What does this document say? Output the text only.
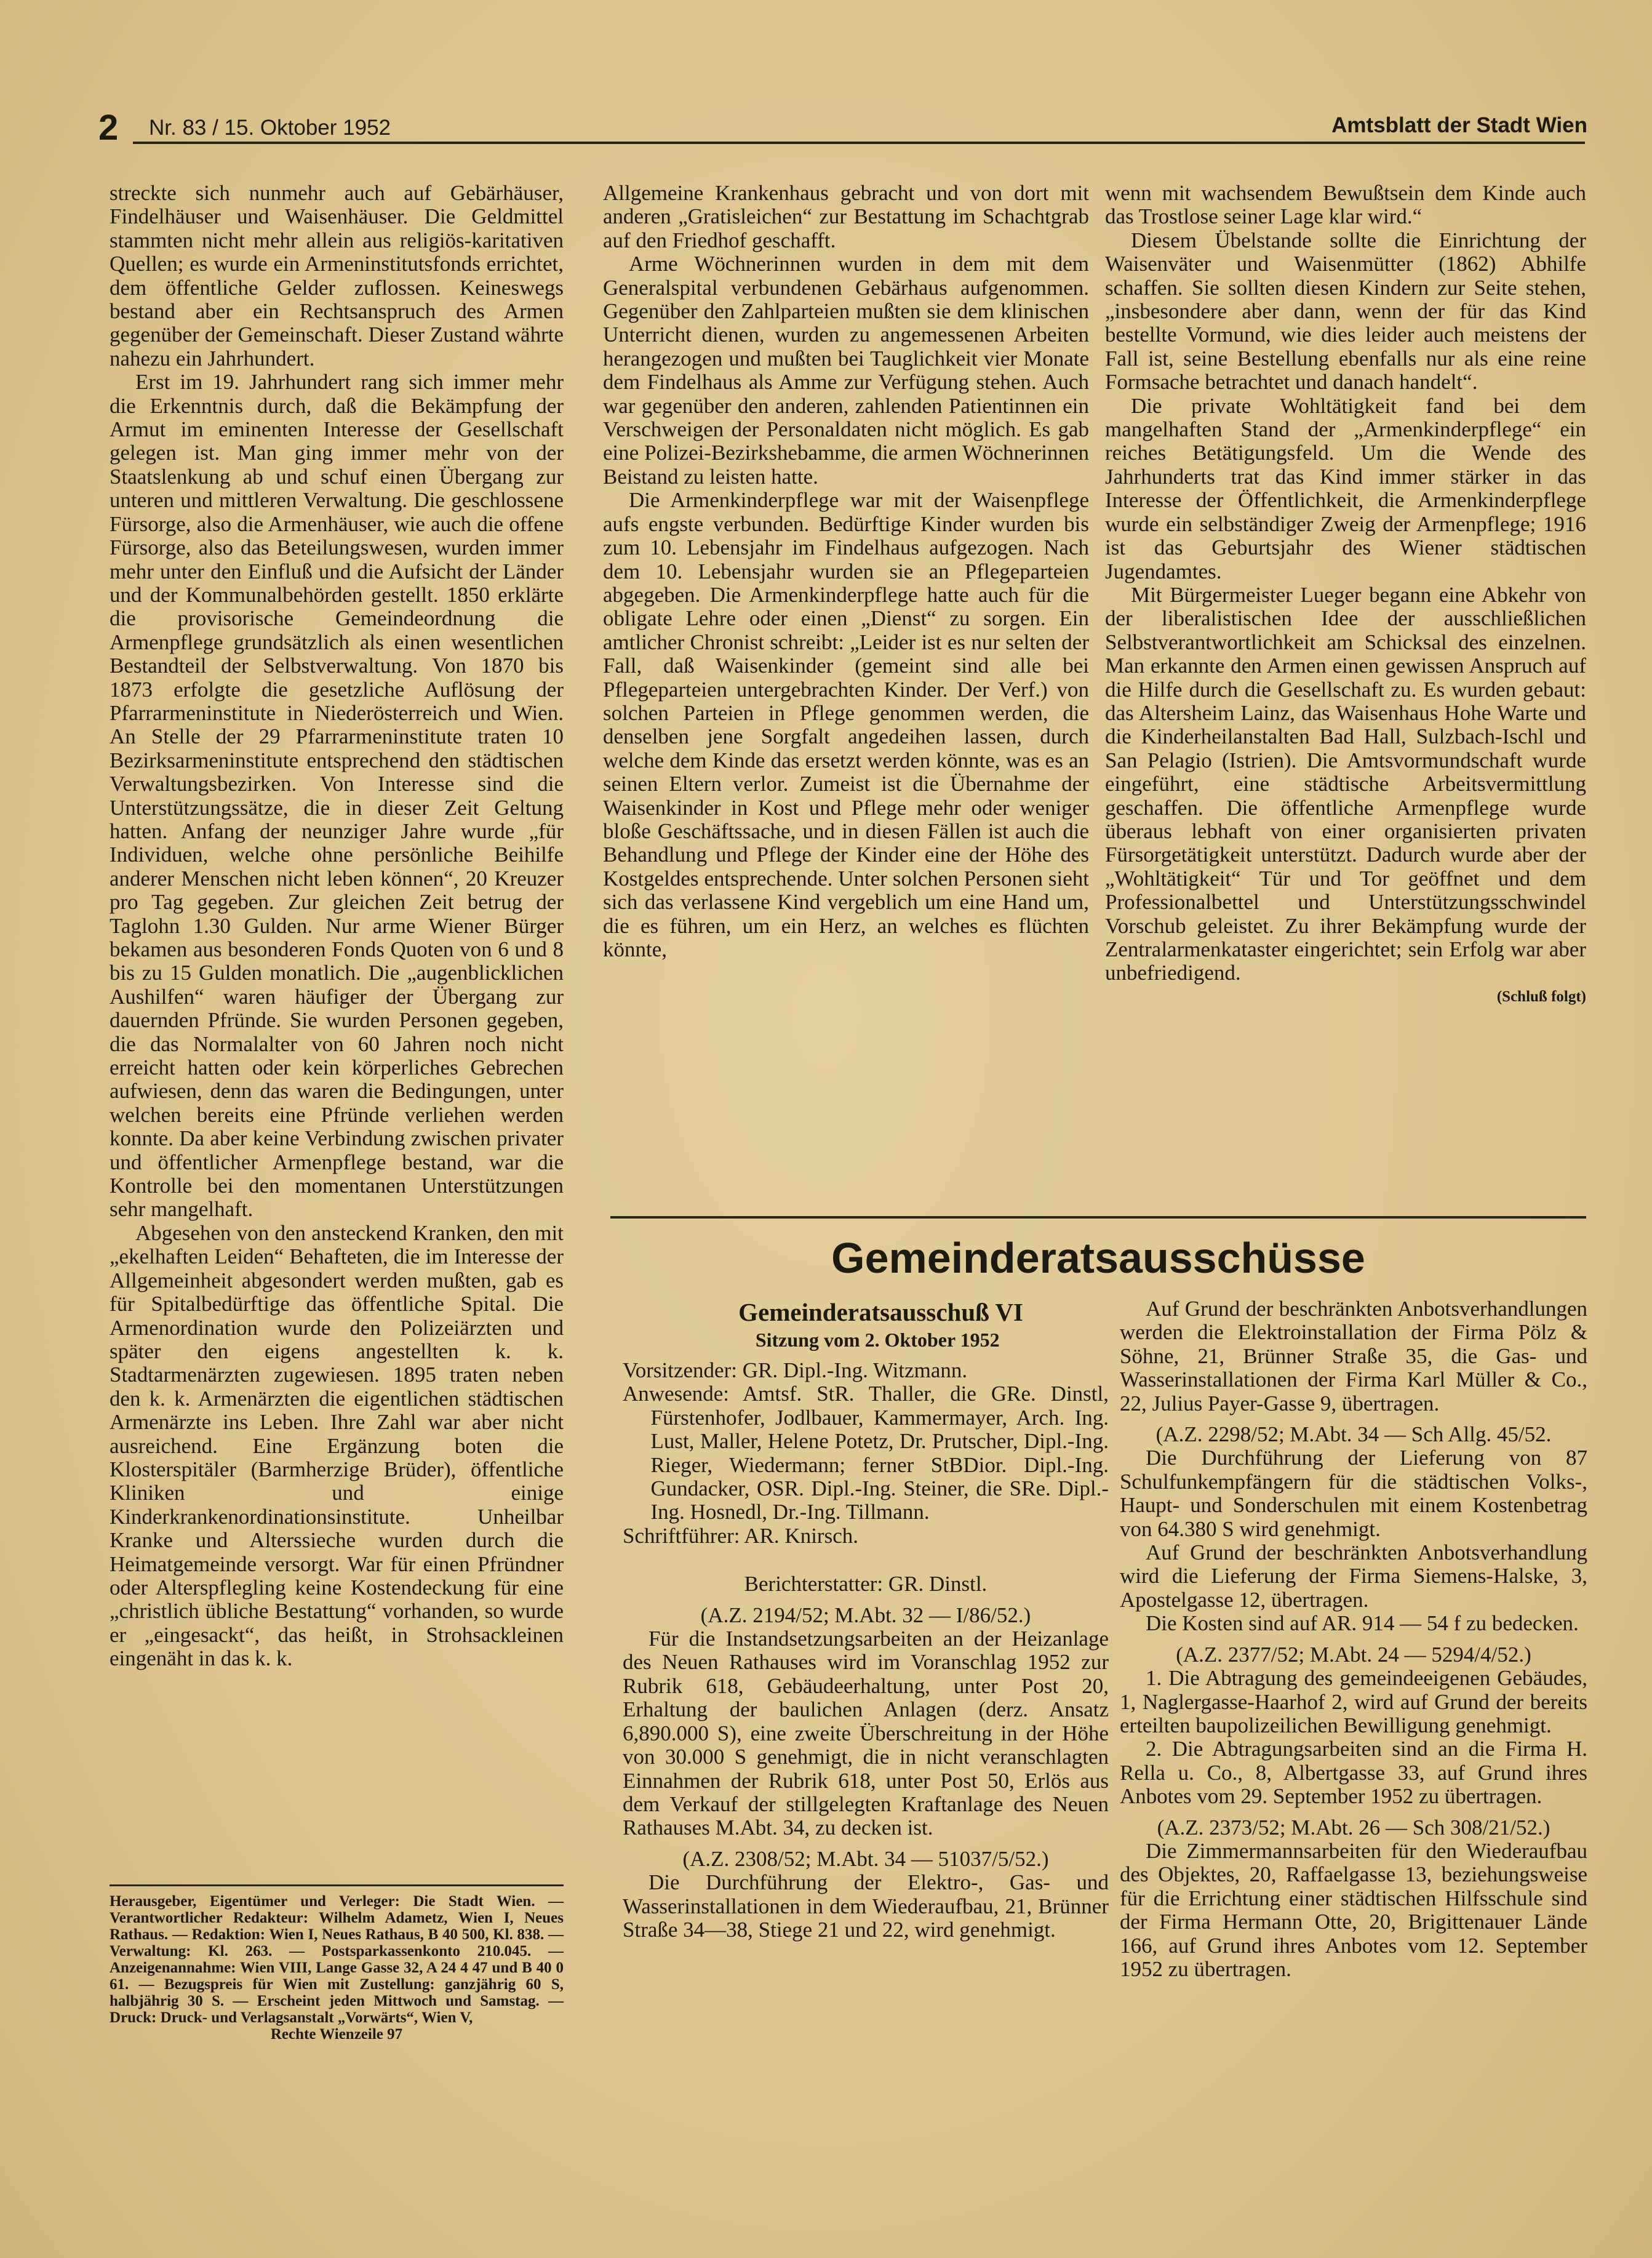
2 Nr. 83 / 15. Oktober 1952	Amtsblatt der Stadt Wien

streckte sich nunmehr auch auf Gebärhäuser, Findelhäuser und Waisenhäuser. Die Geldmittel stammten nicht mehr allein aus religiös-karitativen Quellen; es wurde ein Armeninstitutsfonds errichtet, dem öffentliche Gelder zuflossen. Keineswegs bestand aber ein Rechtsanspruch des Armen gegenüber der Gemeinschaft. Dieser Zustand währte nahezu ein Jahrhundert.

Erst im 19. Jahrhundert rang sich immer mehr die Erkenntnis durch, daß die Bekämpfung der Armut im eminenten Interesse der Gesellschaft gelegen ist. Man ging immer mehr von der Staatslenkung ab und schuf einen Übergang zur unteren und mittleren Verwaltung. Die geschlossene Fürsorge, also die Armenhäuser, wie auch die offene Fürsorge, also das Beteilungswesen, wurden immer mehr unter den Einfluß und die Aufsicht der Länder und der Kommunalbehörden gestellt. 1850 erklärte die provisorische Gemeindeordnung die Armenpflege grundsätzlich als einen wesentlichen Bestandteil der Selbstverwaltung. Von 1870 bis 1873 erfolgte die gesetzliche Auflösung der Pfarrarmeninstitute in Niederösterreich und Wien. An Stelle der 29 Pfarrarmeninstitute traten 10 Bezirksarmeninstitute entsprechend den städtischen Verwaltungsbezirken. Von Interesse sind die Unterstützungssätze, die in dieser Zeit Geltung hatten. Anfang der neunziger Jahre wurde „für Individuen, welche ohne persönliche Beihilfe anderer Menschen nicht leben können“, 20 Kreuzer pro Tag gegeben. Zur gleichen Zeit betrug der Taglohn 1.30 Gulden. Nur arme Wiener Bürger bekamen aus besonderen Fonds Quoten von 6 und 8 bis zu 15 Gulden monatlich. Die „augenblicklichen Aushilfen“ waren häufiger der Übergang zur dauernden Pfründe. Sie wurden Personen gegeben, die das Normalalter von 60 Jahren noch nicht erreicht hatten oder kein körperliches Gebrechen aufwiesen, denn das waren die Bedingungen, unter welchen bereits eine Pfründe verliehen werden konnte. Da aber keine Verbindung zwischen privater und öffentlicher Armenpflege bestand, war die Kontrolle bei den momentanen Unterstützungen sehr mangelhaft.

Abgesehen von den ansteckend Kranken, den mit „ekelhaften Leiden“ Behafteten, die im Interesse der Allgemeinheit abgesondert werden mußten, gab es für Spitalbedürftige das öffentliche Spital. Die Armenordination wurde den Polizeiärzten und später den eigens angestellten k. k. Stadtarmenärzten zugewiesen. 1895 traten neben den k. k. Armenärzten die eigentlichen städtischen Armenärzte ins Leben. Ihre Zahl war aber nicht ausreichend. Eine Ergänzung boten die Klosterspitäler (Barmherzige Brüder), öffentliche Kliniken und einige Kinderkrankenordinationsinstitute. Unheilbar Kranke und Alterssieche wurden durch die Heimatgemeinde versorgt. War für einen Pfründner oder Alterspflegling keine Kostendeckung für eine „christlich übliche Bestattung“ vorhanden, so wurde er „eingesackt“, das heißt, in Strohsackleinen eingenäht in das k. k.

Herausgeber, Eigentümer und Verleger: Die Stadt Wien. — Verantwortlicher Redakteur: Wilhelm Adametz, Wien I, Neues Rathaus. — Redaktion: Wien I, Neues Rathaus, B 40 500, Kl. 838. — Verwaltung: Kl. 263. — Postsparkassenkonto 210.045. — Anzeigenannahme: Wien VIII, Lange Gasse 32, A 24 4 47 und B 40 0 61. — Bezugspreis für Wien mit Zustellung: ganzjährig 60 S, halbjährig 30 S. — Erscheint jeden Mittwoch und Samstag. — Druck: Druck- und Verlagsanstalt „Vorwärts“, Wien V,

Rechte Wienzeile 97

Allgemeine Krankenhaus gebracht und von dort mit anderen „Gratisleichen“ zur Bestattung im Schachtgrab auf den Friedhof geschafft.

Arme Wöchnerinnen wurden in dem mit dem Generalspital verbundenen Gebärhaus aufgenommen. Gegenüber den Zahlparteien mußten sie dem klinischen Unterricht dienen, wurden zu angemessenen Arbeiten herangezogen und mußten bei Tauglichkeit vier Monate dem Findelhaus als Amme zur Verfügung stehen. Auch war gegenüber den anderen, zahlenden Patientinnen ein Verschweigen der Personaldaten nicht möglich. Es gab eine Polizei-Bezirkshebamme, die armen Wöchnerinnen Beistand zu leisten hatte.

Die Armenkinderpflege war mit der Waisenpflege aufs engste verbunden. Bedürftige Kinder wurden bis zum 10. Lebensjahr im Findelhaus aufgezogen. Nach dem 10. Lebensjahr wurden sie an Pflegeparteien abgegeben. Die Armenkinderpflege hatte auch für die obligate Lehre oder einen „Dienst“ zu sorgen. Ein amtlicher Chronist schreibt: „Leider ist es nur selten der Fall, daß Waisenkinder (gemeint sind alle bei Pflegeparteien untergebrachten Kinder. Der Verf.) von solchen Parteien in Pflege genommen werden, die denselben jene Sorgfalt angedeihen lassen, durch welche dem Kinde das ersetzt werden könnte, was es an seinen Eltern verlor. Zumeist ist die Übernahme der Waisenkinder in Kost und Pflege mehr oder weniger bloße Geschäftssache, und in diesen Fällen ist auch die Behandlung und Pflege der Kinder eine der Höhe des Kostgeldes entsprechende. Unter solchen Personen sieht sich das verlassene Kind vergeblich um eine Hand um, die es führen, um ein Herz, an welches es flüchten könnte,

wenn mit wachsendem Bewußtsein dem Kinde auch das Trostlose seiner Lage klar wird.“

Diesem Übelstande sollte die Einrichtung der Waisenväter und Waisenmütter (1862) Abhilfe schaffen. Sie sollten diesen Kindern zur Seite stehen, „insbesondere aber dann, wenn der für das Kind bestellte Vormund, wie dies leider auch meistens der Fall ist, seine Bestellung ebenfalls nur als eine reine Formsache betrachtet und danach handelt“.

Die private Wohltätigkeit fand bei dem mangelhaften Stand der „Armenkinderpflege“ ein reiches Betätigungsfeld. Um die Wende des Jahrhunderts trat das Kind immer stärker in das Interesse der Öffentlichkeit, die Armenkinderpflege wurde ein selbständiger Zweig der Armenpflege; 1916 ist das Geburtsjahr des Wiener städtischen Jugendamtes.

Mit Bürgermeister Lueger begann eine Abkehr von der liberalistischen Idee der ausschließlichen Selbstverantwortlichkeit am Schicksal des einzelnen. Man erkannte den Armen einen gewissen Anspruch auf die Hilfe durch die Gesellschaft zu. Es wurden gebaut: das Altersheim Lainz, das Waisenhaus Hohe Warte und die Kinderheilanstalten Bad Hall, Sulzbach-Ischl und San Pelagio (Istrien). Die Amtsvormundschaft wurde eingeführt, eine städtische Arbeitsvermittlung geschaffen. Die öffentliche Armenpflege wurde überaus lebhaft von einer organisierten privaten Fürsorgetätigkeit unterstützt. Dadurch wurde aber der „Wohltätigkeit“ Tür und Tor geöffnet und dem Professionalbettel und Unterstützungsschwindel Vorschub geleistet. Zu ihrer Bekämpfung wurde der Zentralarmenkataster eingerichtet; sein Erfolg war aber unbefriedigend.

(Schluß folgt)

Gemeinderatsausschüsse

Gemeinderatsausschuß VI

Sitzung vom 2. Oktober 1952

Vorsitzender: GR. Dipl.-Ing. Witzmann.

Anwesende: Amtsf. StR. Thaller, die GRe. Dinstl, Fürstenhofer, Jodlbauer, Kammermayer, Arch. Ing. Lust, Maller, Helene Potetz, Dr. Prutscher, Dipl.-Ing. Rieger, Wiedermann; ferner StBDior. Dipl.-Ing. Gundacker, OSR. Dipl.-Ing. Steiner, die SRe. Dipl.-Ing. Hosnedl, Dr.-Ing. Tillmann.

Schriftführer: AR. Knirsch.

Berichterstatter: GR. Dinstl.

(A.Z. 2194/52; M.Abt. 32 — I/86/52.)

Für die Instandsetzungsarbeiten an der Heizanlage des Neuen Rathauses wird im Voranschlag 1952 zur Rubrik 618, Gebäudeerhaltung, unter Post 20, Erhaltung der baulichen Anlagen (derz. Ansatz 6,890.000 S), eine zweite Überschreitung in der Höhe von 30.000 S genehmigt, die in nicht veranschlagten Einnahmen der Rubrik 618, unter Post 50, Erlös aus dem Verkauf der stillgelegten Kraftanlage des Neuen Rathauses M.Abt. 34, zu decken ist.

(A.Z. 2308/52; M.Abt. 34 — 51037/5/52.)

Die Durchführung der Elektro-, Gas- und Wasserinstallationen in dem Wiederaufbau, 21, Brünner Straße 34—38, Stiege 21 und 22, wird genehmigt.

Auf Grund der beschränkten Anbotsverhandlungen werden die Elektroinstallation der Firma Pölz & Söhne, 21, Brünner Straße 35, die Gas- und Wasserinstallationen der Firma Karl Müller & Co., 22, Julius Payer-Gasse 9, übertragen.

(A.Z. 2298/52; M.Abt. 34 — Sch Allg. 45/52.

Die Durchführung der Lieferung von 87 Schulfunkempfängern für die städtischen Volks-, Haupt- und Sonderschulen mit einem Kostenbetrag von 64.380 S wird genehmigt.

Auf Grund der beschränkten Anbotsverhandlung wird die Lieferung der Firma Siemens-Halske, 3, Apostelgasse 12, übertragen.

Die Kosten sind auf AR. 914 — 54 f zu bedecken.

(A.Z. 2377/52; M.Abt. 24 — 5294/4/52.)

1. Die Abtragung des gemeindeeigenen Gebäudes, 1, Naglergasse-Haarhof 2, wird auf Grund der bereits erteilten baupolizeilichen Bewilligung genehmigt.

2. Die Abtragungsarbeiten sind an die Firma H. Rella u. Co., 8, Albertgasse 33, auf Grund ihres Anbotes vom 29. September 1952 zu übertragen.

(A.Z. 2373/52; M.Abt. 26 — Sch 308/21/52.)

Die Zimmermannsarbeiten für den Wiederaufbau des Objektes, 20, Raffaelgasse 13, beziehungsweise für die Errichtung einer städtischen Hilfsschule sind der Firma Hermann Otte, 20, Brigittenauer Lände 166, auf Grund ihres Anbotes vom 12. September 1952 zu übertragen.
